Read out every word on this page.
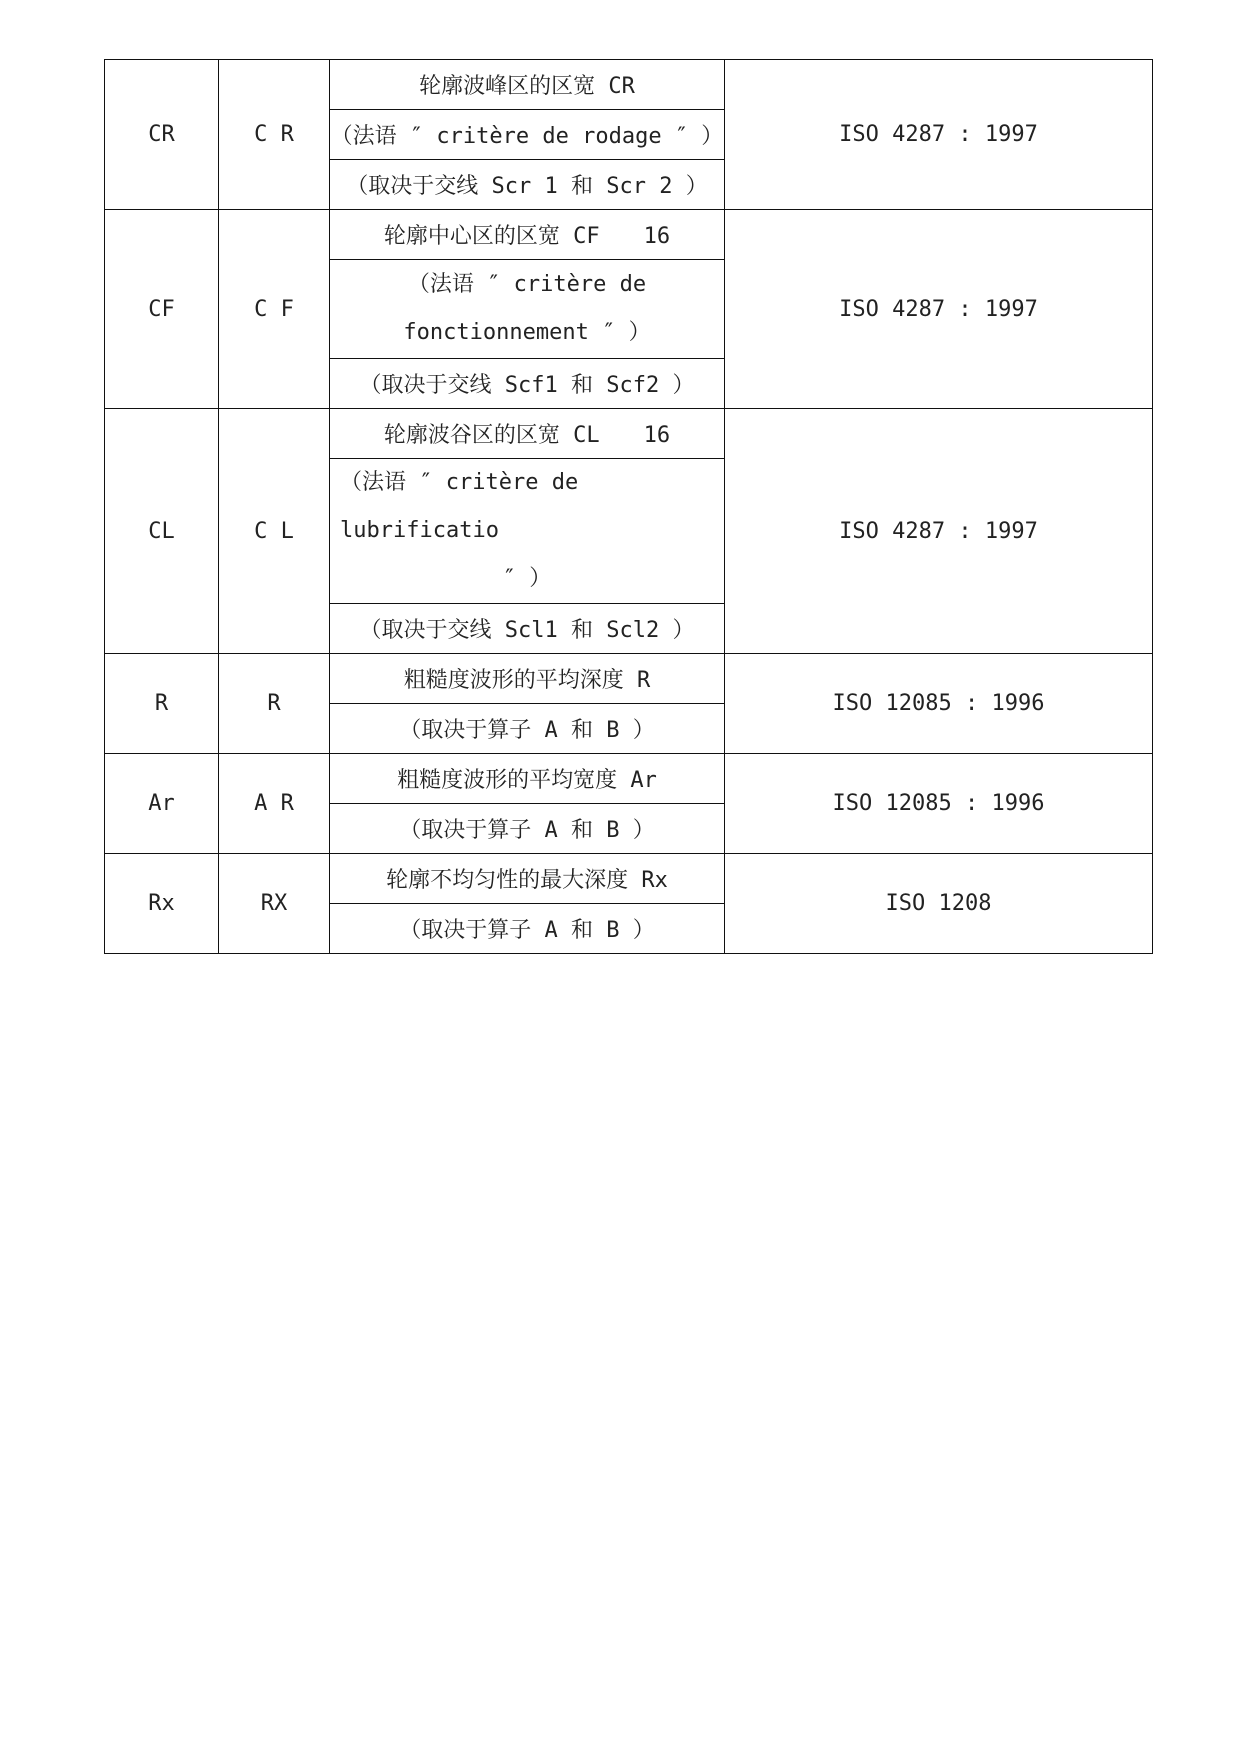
CR	C R	轮廓波峰区的区宽 CR	ISO 4287 : 1997
		（法语 ″ critère de rodage ″ ）	
		（取决于交线 Scr 1 和 Scr 2 ）	
CF	C F	轮廓中心区的区宽 CF　　16	ISO 4287 : 1997

		（法语 ″ critère de
fonctionnement ″ ）	

		（取决于交线 Scf1 和 Scf2 ）	
CL	C L	轮廓波谷区的区宽 CL　　16	ISO 4287 : 1997

		（法语 ″ critère de lubrificatio
″ ）	

		（取决于交线 Scl1 和 Scl2 ）	
R	R	粗糙度波形的平均深度 R	ISO 12085 : 1996
		（取决于算子 A 和 B ）	
Ar	A R	粗糙度波形的平均宽度 Ar	ISO 12085 : 1996
		（取决于算子 A 和 B ）	
Rx	RX	轮廓不均匀性的最大深度 Rx	ISO 1208
		（取决于算子 A 和 B ）	
